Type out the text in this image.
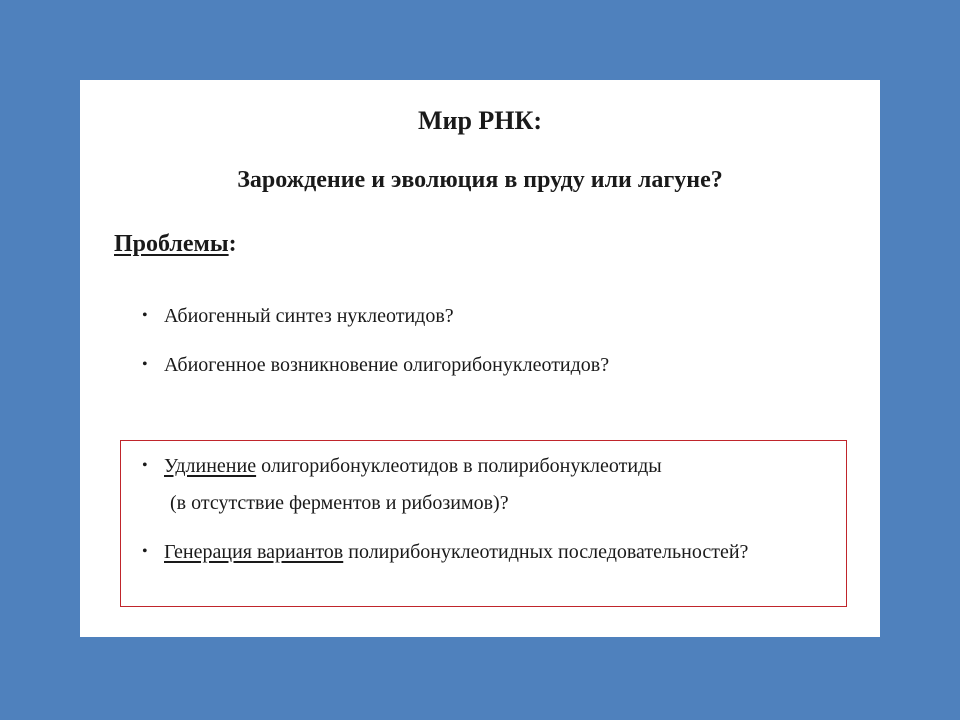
Мир РНК:
Зарождение и эволюция в пруду или лагуне?

Проблемы:

• Абиогенный синтез нуклеотидов?
• Абиогенное возникновение олигорибонуклеотидов?
• Удлинение олигорибонуклеотидов в полирибонуклеотиды
(в отсутствие ферментов и рибозимов)?
• Генерация вариантов полирибонуклеотидных последовательностей?
